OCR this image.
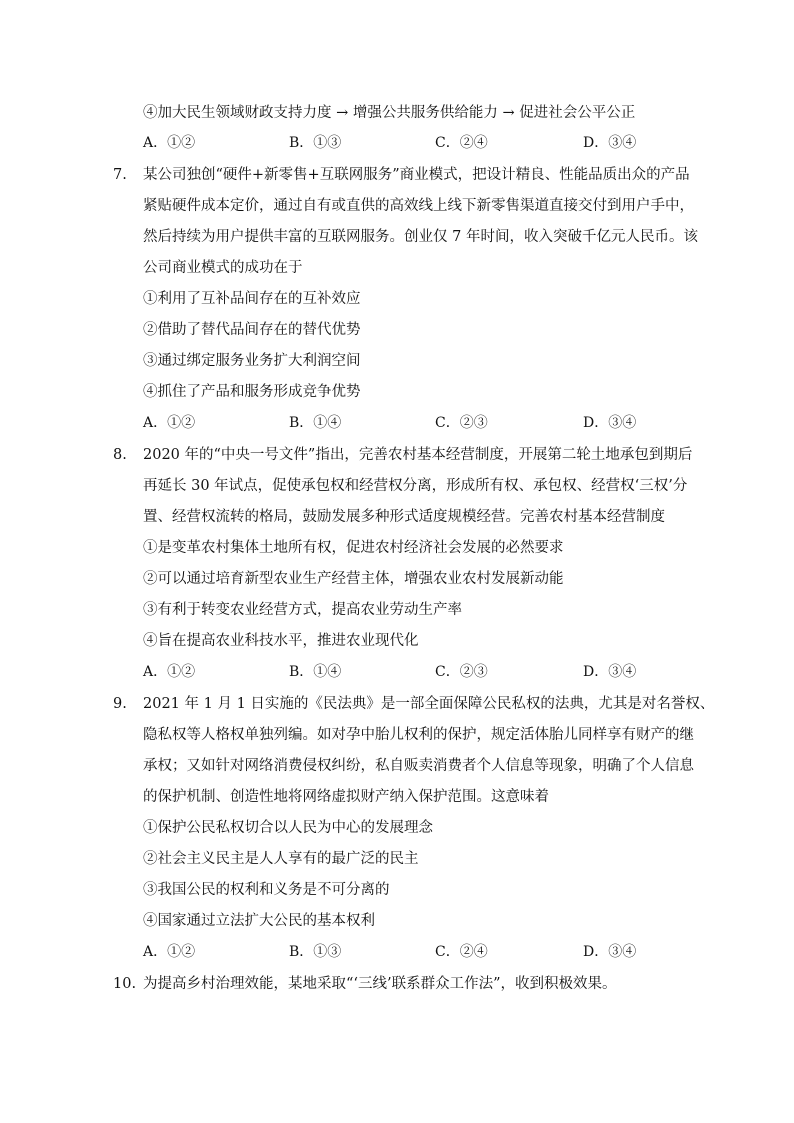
④加大民生领域财政支持力度 → 增强公共服务供给能力 → 促进社会公平公正
A．①②	B．①③	C．②④	D．③④
7. 某公司独创“硬件+新零售+互联网服务”商业模式，把设计精良、性能品质出众的产品
紧贴硬件成本定价，通过自有或直供的高效线上线下新零售渠道直接交付到用户手中，
然后持续为用户提供丰富的互联网服务。创业仅 7 年时间，收入突破千亿元人民币。该
公司商业模式的成功在于
①利用了互补品间存在的互补效应
②借助了替代品间存在的替代优势
③通过绑定服务业务扩大利润空间
④抓住了产品和服务形成竞争优势
A．①②	B．①④	C．②③	D．③④
8. 2020 年的“中央一号文件”指出，完善农村基本经营制度，开展第二轮土地承包到期后
再延长 30 年试点，促使承包权和经营权分离，形成所有权、承包权、经营权‘三权’分
置、经营权流转的格局，鼓励发展多种形式适度规模经营。完善农村基本经营制度
①是变革农村集体土地所有权，促进农村经济社会发展的必然要求
②可以通过培育新型农业生产经营主体，增强农业农村发展新动能
③有利于转变农业经营方式，提高农业劳动生产率
④旨在提高农业科技水平，推进农业现代化
A．①②	B．①④	C．②③	D．③④
9. 2021 年 1 月 1 日实施的《民法典》是一部全面保障公民私权的法典，尤其是对名誉权、
隐私权等人格权单独列编。如对孕中胎儿权利的保护，规定活体胎儿同样享有财产的继
承权；又如针对网络消费侵权纠纷，私自贩卖消费者个人信息等现象，明确了个人信息
的保护机制、创造性地将网络虚拟财产纳入保护范围。这意味着
①保护公民私权切合以人民为中心的发展理念
②社会主义民主是人人享有的最广泛的民主
③我国公民的权利和义务是不可分离的
④国家通过立法扩大公民的基本权利
A．①②	B．①③	C．②④	D．③④
10. 为提高乡村治理效能，某地采取“‘三线’联系群众工作法”，收到积极效果。
